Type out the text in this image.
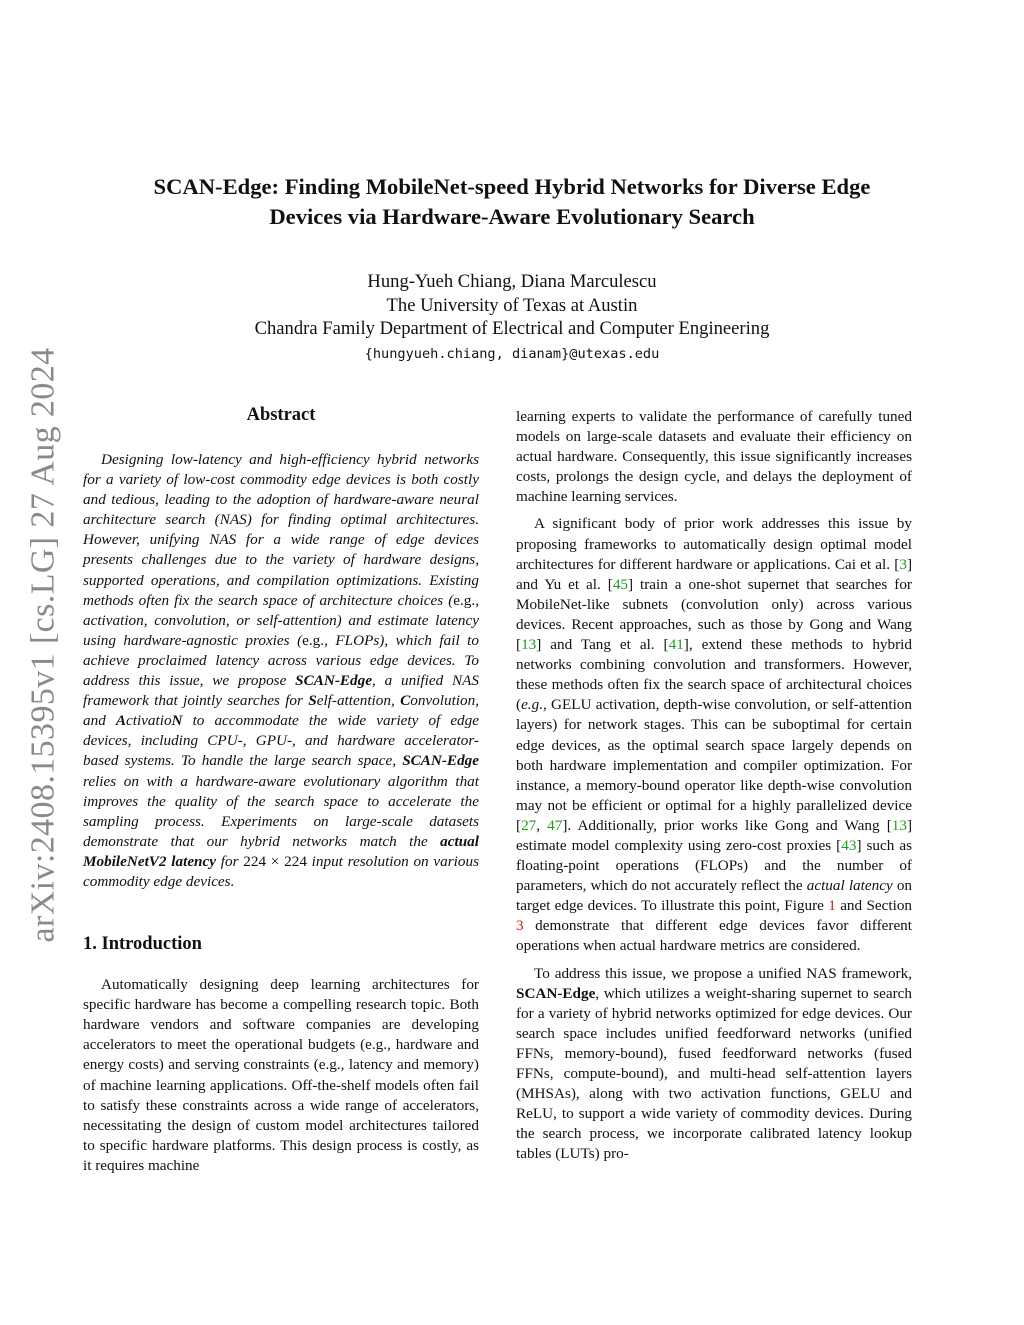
arXiv:2408.15395v1 [cs.LG] 27 Aug 2024
SCAN-Edge: Finding MobileNet-speed Hybrid Networks for Diverse Edge
Devices via Hardware-Aware Evolutionary Search
Hung-Yueh Chiang, Diana Marculescu
The University of Texas at Austin
Chandra Family Department of Electrical and Computer Engineering
{hungyueh.chiang, dianam}@utexas.edu
Abstract

Designing low-latency and high-efficiency hybrid networks for a variety of low-cost commodity edge devices is both costly and tedious, leading to the adoption of hardware-aware neural architecture search (NAS) for finding optimal architectures. However, unifying NAS for a wide range of edge devices presents challenges due to the variety of hardware designs, supported operations, and compilation optimizations. Existing methods often fix the search space of architecture choices (e.g., activation, convolution, or self-attention) and estimate latency using hardware-agnostic proxies (e.g., FLOPs), which fail to achieve proclaimed latency across various edge devices. To address this issue, we propose SCAN-Edge, a unified NAS framework that jointly searches for Self-attention, Convolution, and ActivatioN to accommodate the wide variety of edge devices, including CPU-, GPU-, and hardware accelerator-based systems. To handle the large search space, SCAN-Edge relies on with a hardware-aware evolutionary algorithm that improves the quality of the search space to accelerate the sampling process. Experiments on large-scale datasets demonstrate that our hybrid networks match the actual MobileNetV2 latency for 224 × 224 input resolution on various commodity edge devices.

1. Introduction

Automatically designing deep learning architectures for specific hardware has become a compelling research topic. Both hardware vendors and software companies are developing accelerators to meet the operational budgets (e.g., hardware and energy costs) and serving constraints (e.g., latency and memory) of machine learning applications. Off-the-shelf models often fail to satisfy these constraints across a wide range of accelerators, necessitating the design of custom model architectures tailored to specific hardware platforms. This design process is costly, as it requires machine

learning experts to validate the performance of carefully tuned models on large-scale datasets and evaluate their efficiency on actual hardware. Consequently, this issue significantly increases costs, prolongs the design cycle, and delays the deployment of machine learning services.

A significant body of prior work addresses this issue by proposing frameworks to automatically design optimal model architectures for different hardware or applications. Cai et al. [3] and Yu et al. [45] train a one-shot supernet that searches for MobileNet-like subnets (convolution only) across various devices. Recent approaches, such as those by Gong and Wang [13] and Tang et al. [41], extend these methods to hybrid networks combining convolution and transformers. However, these methods often fix the search space of architectural choices (e.g., GELU activation, depth-wise convolution, or self-attention layers) for network stages. This can be suboptimal for certain edge devices, as the optimal search space largely depends on both hardware implementation and compiler optimization. For instance, a memory-bound operator like depth-wise convolution may not be efficient or optimal for a highly parallelized device [27, 47]. Additionally, prior works like Gong and Wang [13] estimate model complexity using zero-cost proxies [43] such as floating-point operations (FLOPs) and the number of parameters, which do not accurately reflect the actual latency on target edge devices. To illustrate this point, Figure 1 and Section 3 demonstrate that different edge devices favor different operations when actual hardware metrics are considered.

To address this issue, we propose a unified NAS framework, SCAN-Edge, which utilizes a weight-sharing supernet to search for a variety of hybrid networks optimized for edge devices. Our search space includes unified feedforward networks (unified FFNs, memory-bound), fused feedforward networks (fused FFNs, compute-bound), and multi-head self-attention layers (MHSAs), along with two activation functions, GELU and ReLU, to support a wide variety of commodity devices. During the search process, we incorporate calibrated latency lookup tables (LUTs) pro-
